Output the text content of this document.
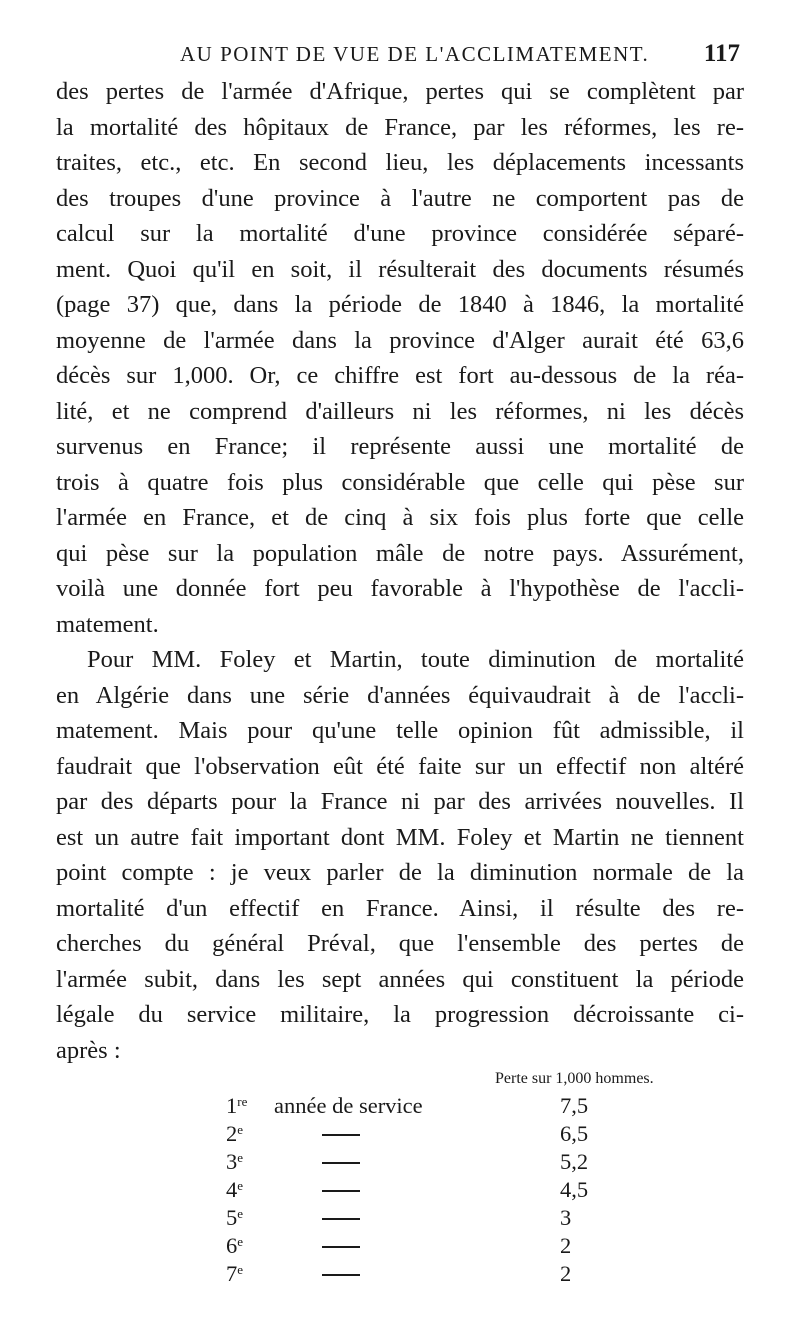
AU POINT DE VUE DE L'ACCLIMATEMENT. 117
des pertes de l'armée d'Afrique, pertes qui se complètent par
la mortalité des hôpitaux de France, par les réformes, les re-
traites, etc., etc. En second lieu, les déplacements incessants
des troupes d'une province à l'autre ne comportent pas de
calcul sur la mortalité d'une province considérée séparé-
ment. Quoi qu'il en soit, il résulterait des documents résumés
(page 37) que, dans la période de 1840 à 1846, la mortalité
moyenne de l'armée dans la province d'Alger aurait été 63,6
décès sur 1,000. Or, ce chiffre est fort au-dessous de la réa-
lité, et ne comprend d'ailleurs ni les réformes, ni les décès
survenus en France; il représente aussi une mortalité de
trois à quatre fois plus considérable que celle qui pèse sur
l'armée en France, et de cinq à six fois plus forte que celle
qui pèse sur la population mâle de notre pays. Assurément,
voilà une donnée fort peu favorable à l'hypothèse de l'accli-
matement.
Pour MM. Foley et Martin, toute diminution de mortalité
en Algérie dans une série d'années équivaudrait à de l'accli-
matement. Mais pour qu'une telle opinion fût admissible, il
faudrait que l'observation eût été faite sur un effectif non altéré
par des départs pour la France ni par des arrivées nouvelles. Il
est un autre fait important dont MM. Foley et Martin ne tiennent
point compte : je veux parler de la diminution normale de la
mortalité d'un effectif en France. Ainsi, il résulte des re-
cherches du général Préval, que l'ensemble des pertes de
l'armée subit, dans les sept années qui constituent la période
légale du service militaire, la progression décroissante ci-
après :
Perte sur 1,000 hommes.
1re année de service	7,5
2e	6,5
3e	5,2
4e	4,5
5e	3
6e	2
7e	2
